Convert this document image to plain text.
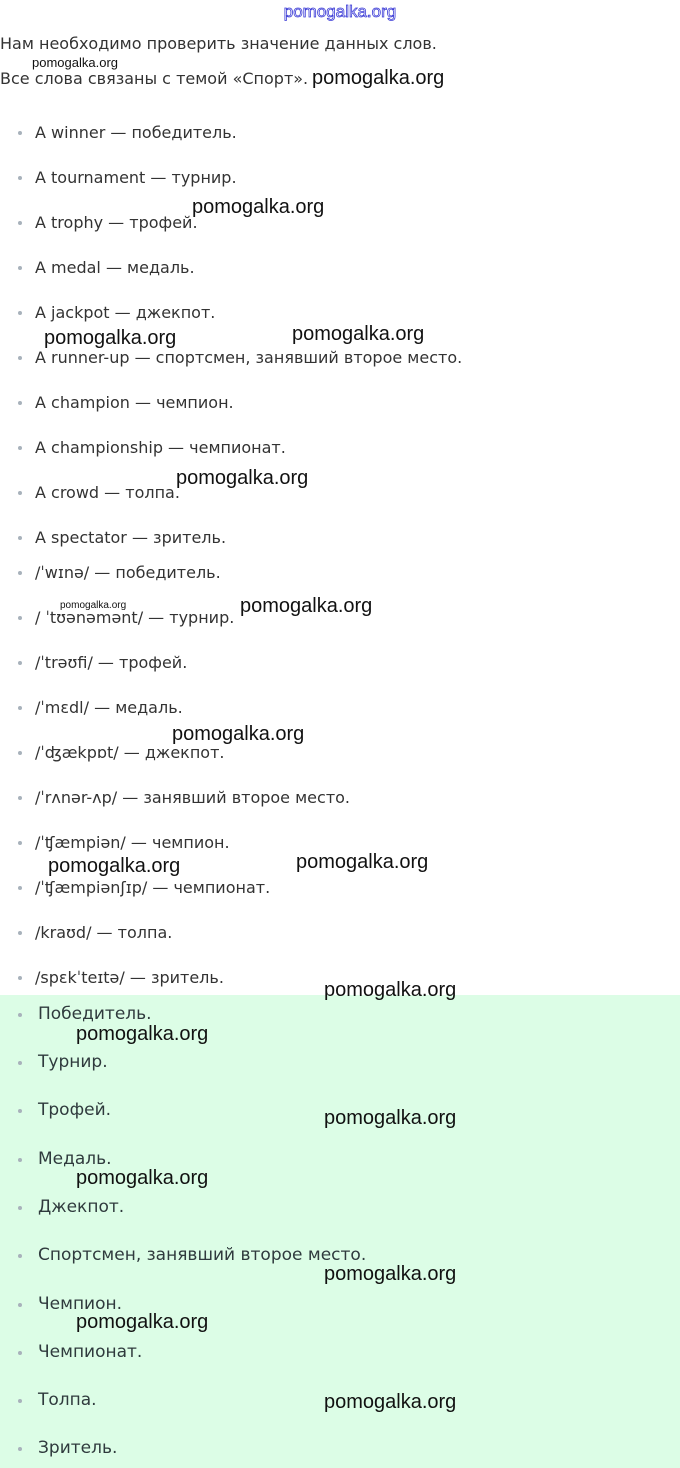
pomogalka.org

Нам необходимо проверить значение данных слов.

Все слова связаны с темой «Спорт».

A winner — победитель.
A tournament — турнир.
A trophy — трофей.
A medal — медаль.
A jackpot — джекпот.
A runner-up — спортсмен, занявший второе место.
A champion — чемпион.
A championship — чемпионат.
A crowd — толпа.
A spectator — зритель.
/ˈwɪnə/ — победитель.
/ ˈtʊənəmənt/ — турнир.
/ˈtrəʊfi/ — трофей.
/ˈmɛdl/ — медаль.
/ˈʤækpɒt/ — джекпот.
/ˈrʌnər-ʌp/ — занявший второе место.
/ˈʧæmpiən/ — чемпион.
/ˈʧæmpiənʃɪp/ — чемпионат.
/kraʊd/ — толпа.
/spɛkˈteɪtə/ — зритель.
Победитель.
Турнир.
Трофей.
Медаль.
Джекпот.
Спортсмен, занявший второе место.
Чемпион.
Чемпионат.
Толпа.
Зритель.
pomogalka.org
pomogalka.org
pomogalka.org
pomogalka.org	pomogalka.org
pomogalka.org
pomogalka.org	pomogalka.org
pomogalka.org
pomogalka.org	pomogalka.org
pomogalka.org
pomogalka.org
pomogalka.org
pomogalka.org
pomogalka.org
pomogalka.org
pomogalka.org
